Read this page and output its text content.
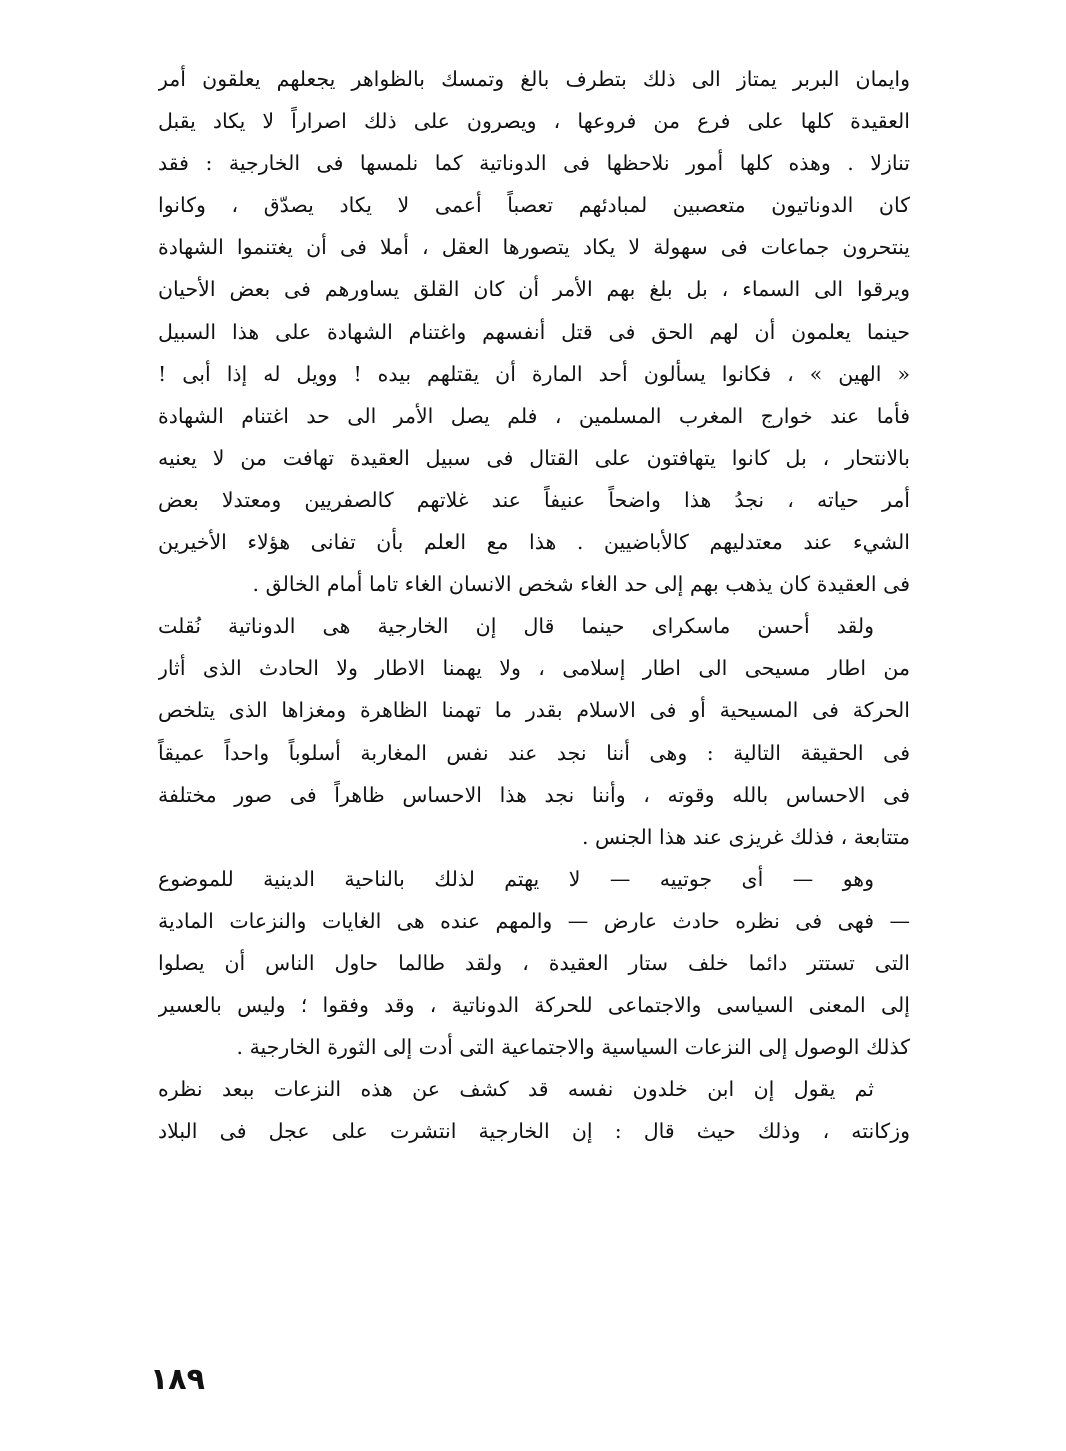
وايمان البربر يمتاز الى ذلك بتطرف بالغ وتمسك بالظواهر يجعلهم يعلقون أمر
العقيدة كلها على فرع من فروعها ، ويصرون على ذلك اصراراً لا يكاد يقبل
تنازلا . وهذه كلها أمور نلاحظها فى الدوناتية كما نلمسها فى الخارجية : فقد
كان الدوناتيون متعصبين لمبادئهم تعصباً أعمى لا يكاد يصدّق ، وكانوا
ينتحرون جماعات فى سهولة لا يكاد يتصورها العقل ، أملا فى أن يغتنموا الشهادة
ويرقوا الى السماء ، بل بلغ بهم الأمر أن كان القلق يساورهم فى بعض الأحيان
حينما يعلمون أن لهم الحق فى قتل أنفسهم واغتنام الشهادة على هذا السبيل
« الهين » ، فكانوا يسألون أحد المارة أن يقتلهم بيده ! وويل له إذا أبى !
فأما عند خوارج المغرب المسلمين ، فلم يصل الأمر الى حد اغتنام الشهادة
بالانتحار ، بل كانوا يتهافتون على القتال فى سبيل العقيدة تهافت من لا يعنيه
أمر حياته ، نجدُ هذا واضحاً عنيفاً عند غلاتهم كالصفريين ومعتدلا بعض
الشيء عند معتدليهم كالأباضيين . هذا مع العلم بأن تفانى هؤلاء الأخيرين
فى العقيدة كان يذهب بهم إلى حد الغاء شخص الانسان الغاء تاما أمام الخالق .
ولقد أحسن ماسكراى حينما قال إن الخارجية هى الدوناتية نُقلت
من اطار مسيحى الى اطار إسلامى ، ولا يهمنا الاطار ولا الحادث الذى أثار
الحركة فى المسيحية أو فى الاسلام بقدر ما تهمنا الظاهرة ومغزاها الذى يتلخص
فى الحقيقة التالية : وهى أننا نجد عند نفس المغاربة أسلوباً واحداً عميقاً
فى الاحساس بالله وقوته ، وأننا نجد هذا الاحساس ظاهراً فى صور مختلفة
متتابعة ، فذلك غريزى عند هذا الجنس .
وهو — أى جوتييه — لا يهتم لذلك بالناحية الدينية للموضوع
— فهى فى نظره حادث عارض — والمهم عنده هى الغايات والنزعات المادية
التى تستتر دائما خلف ستار العقيدة ، ولقد طالما حاول الناس أن يصلوا
إلى المعنى السياسى والاجتماعى للحركة الدوناتية ، وقد وفقوا ؛ وليس بالعسير
كذلك الوصول إلى النزعات السياسية والاجتماعية التى أدت إلى الثورة الخارجية .
ثم يقول إن ابن خلدون نفسه قد كشف عن هذه النزعات ببعد نظره
وزكانته ، وذلك حيث قال : إن الخارجية انتشرت على عجل فى البلاد
١٨٩
